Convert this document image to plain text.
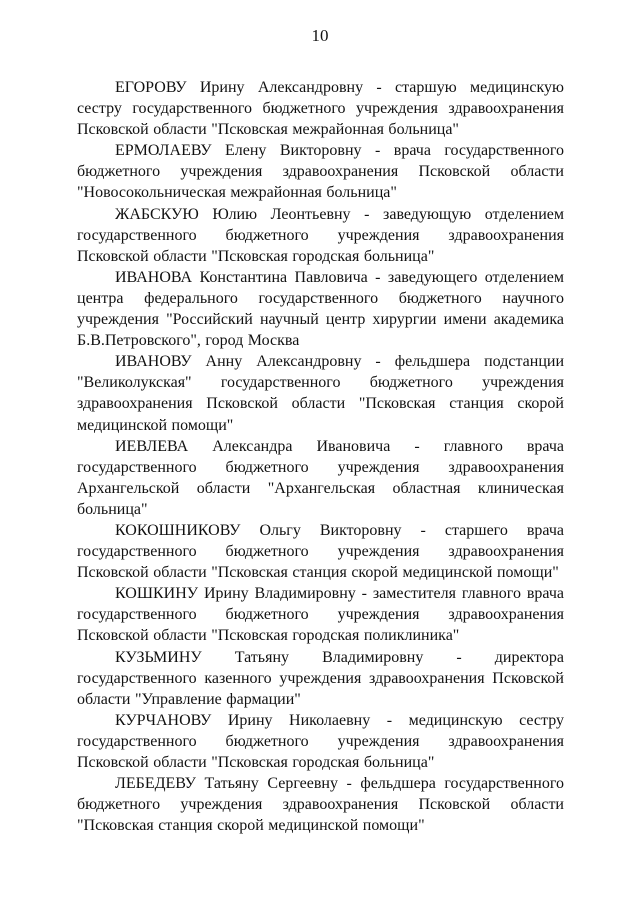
10

ЕГОРОВУ Ирину Александровну - старшую медицинскую сестру государственного бюджетного учреждения здравоохранения Псковской области "Псковская межрайонная больница"

ЕРМОЛАЕВУ Елену Викторовну - врача государственного бюджетного учреждения здравоохранения Псковской области "Новосокольническая межрайонная больница"

ЖАБСКУЮ Юлию Леонтьевну - заведующую отделением государственного бюджетного учреждения здравоохранения Псковской области "Псковская городская больница"

ИВАНОВА Константина Павловича - заведующего отделением центра федерального государственного бюджетного научного учреждения "Российский научный центр хирургии имени академика Б.В.Петровского", город Москва

ИВАНОВУ Анну Александровну - фельдшера подстанции "Великолукская" государственного бюджетного учреждения здравоохранения Псковской области "Псковская станция скорой медицинской помощи"

ИЕВЛЕВА Александра Ивановича - главного врача государственного бюджетного учреждения здравоохранения Архангельской области "Архангельская областная клиническая больница"

КОКОШНИКОВУ Ольгу Викторовну - старшего врача государственного бюджетного учреждения здравоохранения Псковской области "Псковская станция скорой медицинской помощи"

КОШКИНУ Ирину Владимировну - заместителя главного врача государственного бюджетного учреждения здравоохранения Псковской области "Псковская городская поликлиника"

КУЗЬМИНУ Татьяну Владимировну - директора государственного казенного учреждения здравоохранения Псковской области "Управление фармации"

КУРЧАНОВУ Ирину Николаевну - медицинскую сестру государственного бюджетного учреждения здравоохранения Псковской области "Псковская городская больница"

ЛЕБЕДЕВУ Татьяну Сергеевну - фельдшера государственного бюджетного учреждения здравоохранения Псковской области "Псковская станция скорой медицинской помощи"
